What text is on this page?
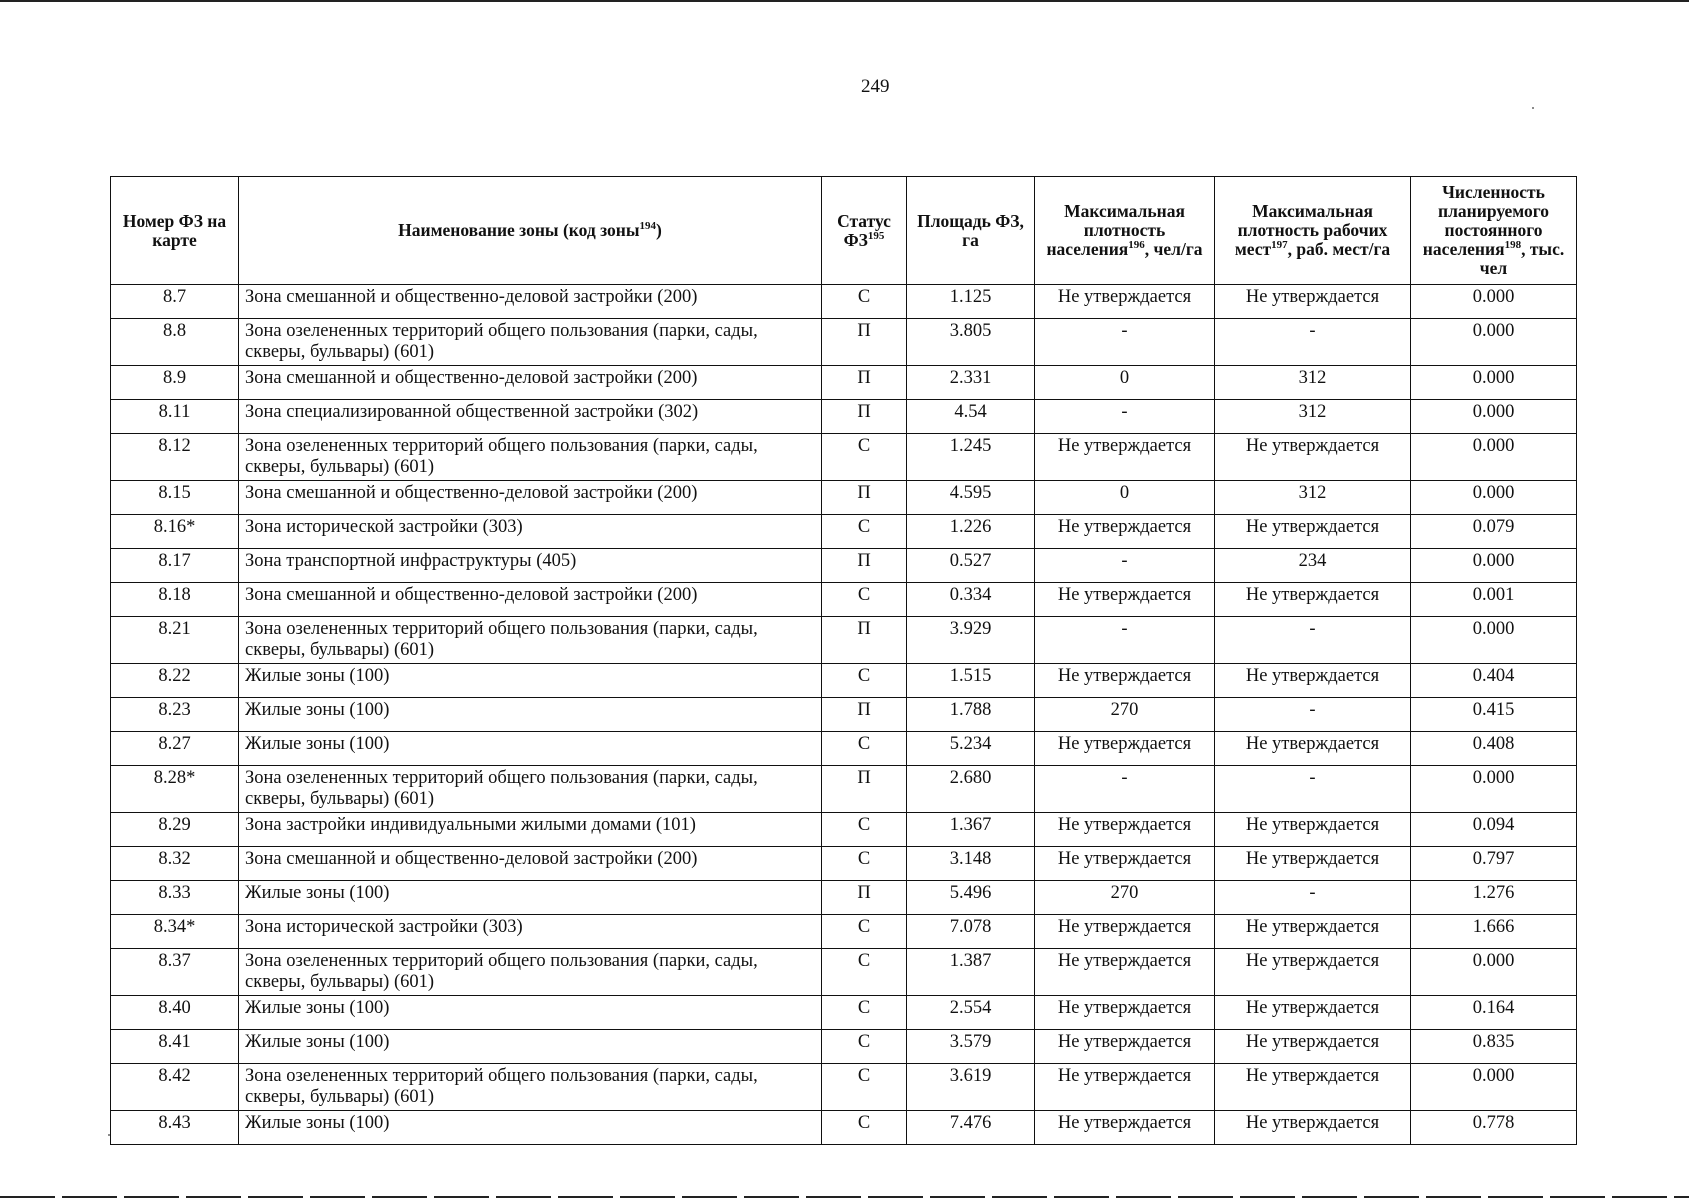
249
Номер ФЗ на карте	Наименование зоны (код зоны$^{194}$)	Статус ФЗ$^{195}$	Площадь ФЗ, га	Максимальная плотность населения$^{196}$, чел/га	Максимальная плотность рабочих мест$^{197}$, раб. мест/га	Численность планируемого постоянного населения$^{198}$, тыс. чел
8.7	Зона смешанной и общественно-деловой застройки (200)	С	1.125	Не утверждается	Не утверждается	0.000
8.8	Зона озелененных территорий общего пользования (парки, сады, скверы, бульвары) (601)	П	3.805	-	-	0.000
8.9	Зона смешанной и общественно-деловой застройки (200)	П	2.331	0	312	0.000
8.11	Зона специализированной общественной застройки (302)	П	4.54	-	312	0.000
8.12	Зона озелененных территорий общего пользования (парки, сады, скверы, бульвары) (601)	С	1.245	Не утверждается	Не утверждается	0.000
8.15	Зона смешанной и общественно-деловой застройки (200)	П	4.595	0	312	0.000
8.16*	Зона исторической застройки (303)	С	1.226	Не утверждается	Не утверждается	0.079
8.17	Зона транспортной инфраструктуры (405)	П	0.527	-	234	0.000
8.18	Зона смешанной и общественно-деловой застройки (200)	С	0.334	Не утверждается	Не утверждается	0.001
8.21	Зона озелененных территорий общего пользования (парки, сады, скверы, бульвары) (601)	П	3.929	-	-	0.000
8.22	Жилые зоны (100)	С	1.515	Не утверждается	Не утверждается	0.404
8.23	Жилые зоны (100)	П	1.788	270	-	0.415
8.27	Жилые зоны (100)	С	5.234	Не утверждается	Не утверждается	0.408
8.28*	Зона озелененных территорий общего пользования (парки, сады, скверы, бульвары) (601)	П	2.680	-	-	0.000
8.29	Зона застройки индивидуальными жилыми домами (101)	С	1.367	Не утверждается	Не утверждается	0.094
8.32	Зона смешанной и общественно-деловой застройки (200)	С	3.148	Не утверждается	Не утверждается	0.797
8.33	Жилые зоны (100)	П	5.496	270	-	1.276
8.34*	Зона исторической застройки (303)	С	7.078	Не утверждается	Не утверждается	1.666
8.37	Зона озелененных территорий общего пользования (парки, сады, скверы, бульвары) (601)	С	1.387	Не утверждается	Не утверждается	0.000
8.40	Жилые зоны (100)	С	2.554	Не утверждается	Не утверждается	0.164
8.41	Жилые зоны (100)	С	3.579	Не утверждается	Не утверждается	0.835
8.42	Зона озелененных территорий общего пользования (парки, сады, скверы, бульвары) (601)	С	3.619	Не утверждается	Не утверждается	0.000
8.43	Жилые зоны (100)	С	7.476	Не утверждается	Не утверждается	0.778
